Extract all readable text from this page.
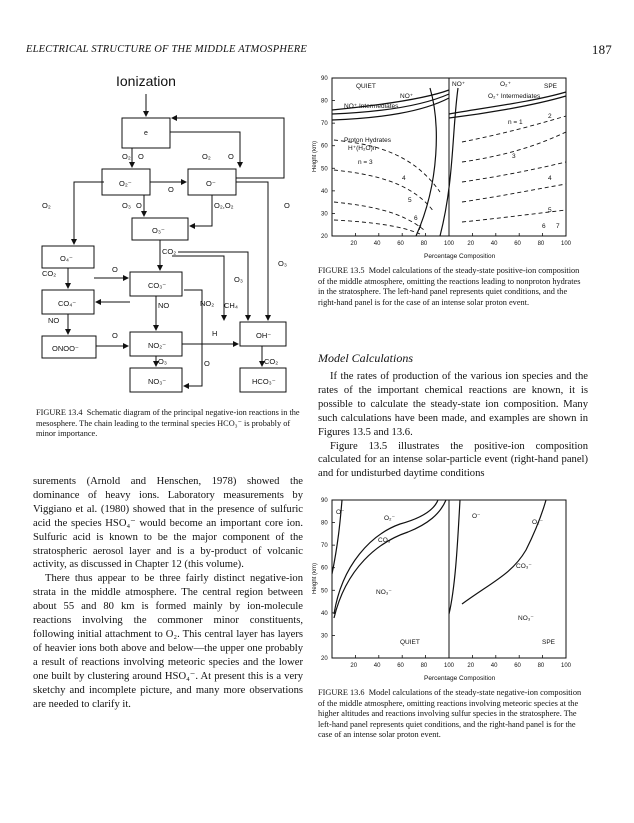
ELECTRICAL STRUCTURE OF THE MIDDLE ATMOSPHERE	187
Ionization
e
O₂⁻	O⁻
O₃⁻
O₄⁻
CO₃⁻
CO₄⁻
NO₂⁻
OH⁻
ONOO⁻
NO₃⁻	HCO₃⁻
O₂ O	O₂ O
O
O₂	O₃ O	O₂,O₂	O
CO₂
CO₂	O
O₃
NO
NO	NO₂ CH₄
O	H
O₃	CO₂
O₃
O
FIGURE 13.4 Schematic diagram of the principal negative-ion reactions in the mesosphere. The chain leading to the terminal species HCO₃⁻ is probably of minor importance.

surements (Arnold and Henschen, 1978) showed the dominance of heavy ions. Laboratory measurements by Viggiano et al. (1980) showed that in the presence of sulfuric acid the species HSO₄⁻ would become an important core ion. Sulfuric acid is known to be the major component of the stratospheric aerosol layer and is a by-product of volcanic activity, as discussed in Chapter 12 (this volume).

There thus appear to be three fairly distinct negative-ion strata in the middle atmosphere. The central region between about 55 and 80 km is formed mainly by ion-molecule reactions involving the commoner minor constituents, following initial attachment to O₂. This central layer has layers of heavier ions both above and below—the upper one probably a result of reactions involving meteoric species and the lower one built by clustering around HSO₄⁻. At present this is a very sketchy and incomplete picture, and many more observations are needed to clarify it.

Height (km)
Percentage Composition
QUIET
NO⁺
NO⁺ Intermediates
Proton Hydrates
H⁺(H₂O)n
n = 3
4
5
6
7
NO⁺	O₂⁺	SPE
O₂⁺ Intermediates
n = 1
2
3
4
5
6 7
90
80
70
60
50
40
30
20
20	40	60	80	100 20	40	60	80	100
FIGURE 13.5 Model calculations of the steady-state positive-ion composition of the middle atmosphere, omitting the reactions leading to nonproton hydrates in the stratosphere. The left-hand panel represents quiet conditions, and the right-hand panel is for the case of an intense solar proton event.
Model Calculations

If the rates of production of the various ion species and the rates of the important chemical reactions are known, it is possible to calculate the steady-state ion composition. Many such calculations have been made, and examples are shown in Figures 13.5 and 13.6.

Figure 13.5 illustrates the positive-ion composition calculated for an intense solar-particle event (right-hand panel) and for undisturbed daytime conditions

Height (km)
Percentage Composition
O⁻
O₂⁻
CO₃⁻
NO₃⁻
QUIET
O⁻
O₂⁻
CO₃⁻
NO₃⁻
SPE
90
80
70
60
50
40
30
20
20	40	60	80	100 20	40	60	80	100
FIGURE 13.6 Model calculations of the steady-state negative-ion composition of the middle atmosphere, omitting reactions involving meteoric species at the higher altitudes and reactions involving sulfur species in the stratosphere. The left-hand panel represents quiet conditions, and the right-hand panel is for the case of an intense solar proton event.
